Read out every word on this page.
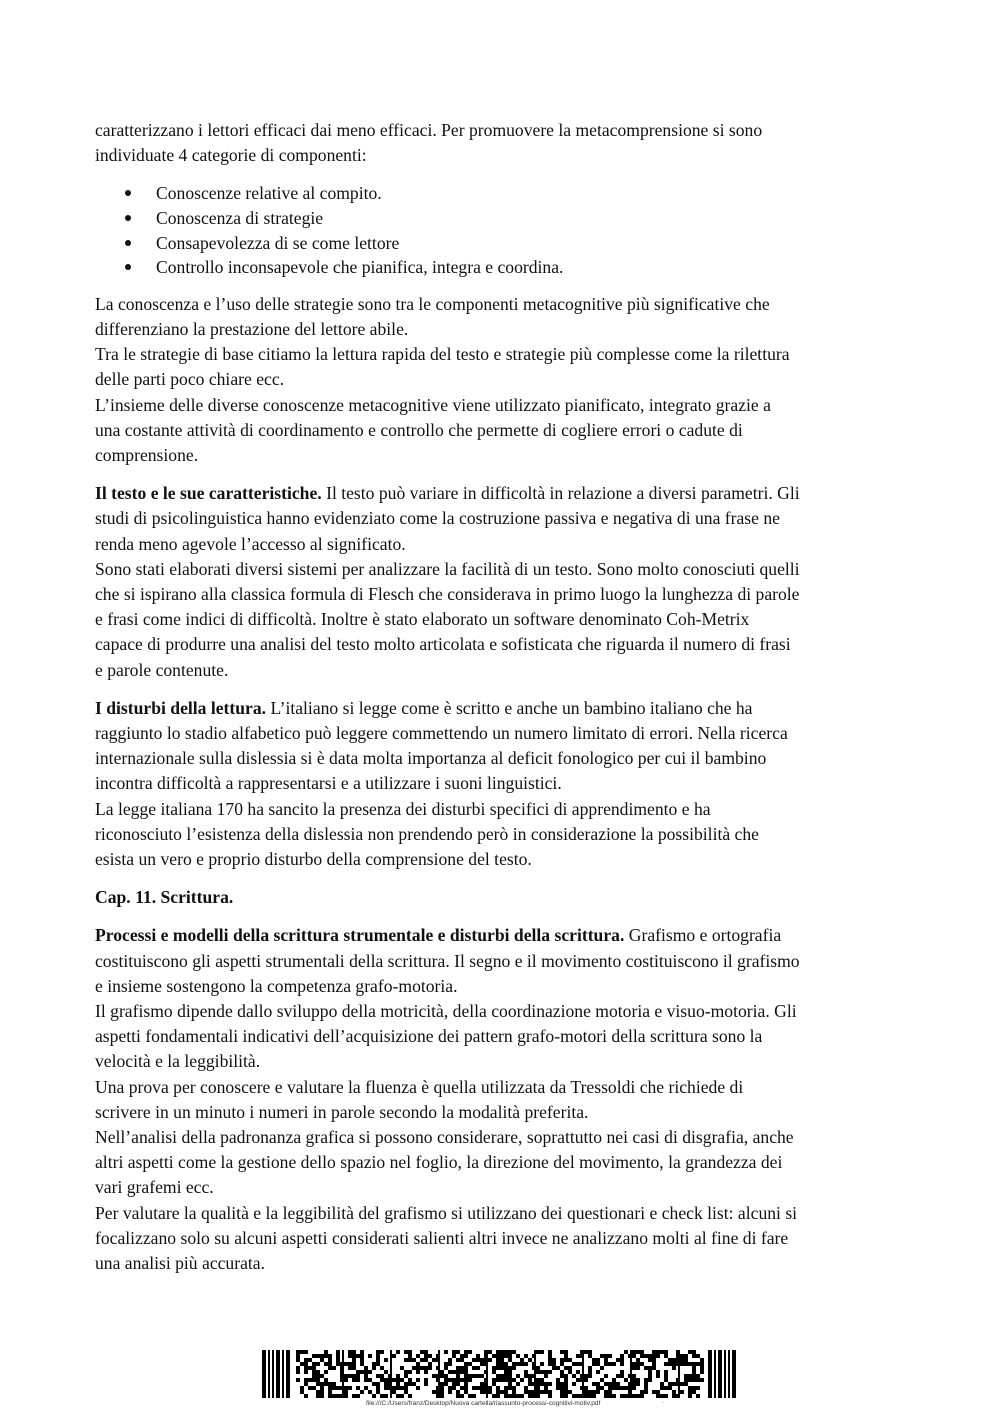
caratterizzano i lettori efficaci dai meno efficaci. Per promuovere la metacomprensione si sono
individuate 4 categorie di componenti:

Conoscenze relative al compito.
Conoscenza di strategie
Consapevolezza di se come lettore
Controllo inconsapevole che pianifica, integra e coordina.

La conoscenza e l’uso delle strategie sono tra le componenti metacognitive più significative che
differenziano la prestazione del lettore abile.
Tra le strategie di base citiamo la lettura rapida del testo e strategie più complesse come la rilettura
delle parti poco chiare ecc.
L’insieme delle diverse conoscenze metacognitive viene utilizzato pianificato, integrato grazie a
una costante attività di coordinamento e controllo che permette di cogliere errori o cadute di
comprensione.

Il testo e le sue caratteristiche. Il testo può variare in difficoltà in relazione a diversi parametri. Gli
studi di psicolinguistica hanno evidenziato come la costruzione passiva e negativa di una frase ne
renda meno agevole l’accesso al significato.
Sono stati elaborati diversi sistemi per analizzare la facilità di un testo. Sono molto conosciuti quelli
che si ispirano alla classica formula di Flesch che considerava in primo luogo la lunghezza di parole
e frasi come indici di difficoltà. Inoltre è stato elaborato un software denominato Coh-Metrix
capace di produrre una analisi del testo molto articolata e sofisticata che riguarda il numero di frasi
e parole contenute.

I disturbi della lettura. L’italiano si legge come è scritto e anche un bambino italiano che ha
raggiunto lo stadio alfabetico può leggere commettendo un numero limitato di errori. Nella ricerca
internazionale sulla dislessia si è data molta importanza al deficit fonologico per cui il bambino
incontra difficoltà a rappresentarsi e a utilizzare i suoni linguistici.
La legge italiana 170 ha sancito la presenza dei disturbi specifici di apprendimento e ha
riconosciuto l’esistenza della dislessia non prendendo però in considerazione la possibilità che
esista un vero e proprio disturbo della comprensione del testo.

Cap. 11. Scrittura.

Processi e modelli della scrittura strumentale e disturbi della scrittura. Grafismo e ortografia
costituiscono gli aspetti strumentali della scrittura. Il segno e il movimento costituiscono il grafismo
e insieme sostengono la competenza grafo-motoria.
Il grafismo dipende dallo sviluppo della motricità, della coordinazione motoria e visuo-motoria. Gli
aspetti fondamentali indicativi dell’acquisizione dei pattern grafo-motori della scrittura sono la
velocità e la leggibilità.
Una prova per conoscere e valutare la fluenza è quella utilizzata da Tressoldi che richiede di
scrivere in un minuto i numeri in parole secondo la modalità preferita.
Nell’analisi della padronanza grafica si possono considerare, soprattutto nei casi di disgrafia, anche
altri aspetti come la gestione dello spazio nel foglio, la direzione del movimento, la grandezza dei
vari grafemi ecc.
Per valutare la qualità e la leggibilità del grafismo si utilizzano dei questionari e check list: alcuni si
focalizzano solo su alcuni aspetti considerati salienti altri invece ne analizzano molti al fine di fare
una analisi più accurata.

file:///C:/Users/franz/Desktop/Nuova cartella/riassunto-processi-cognitivi-motiv.pdf	·
